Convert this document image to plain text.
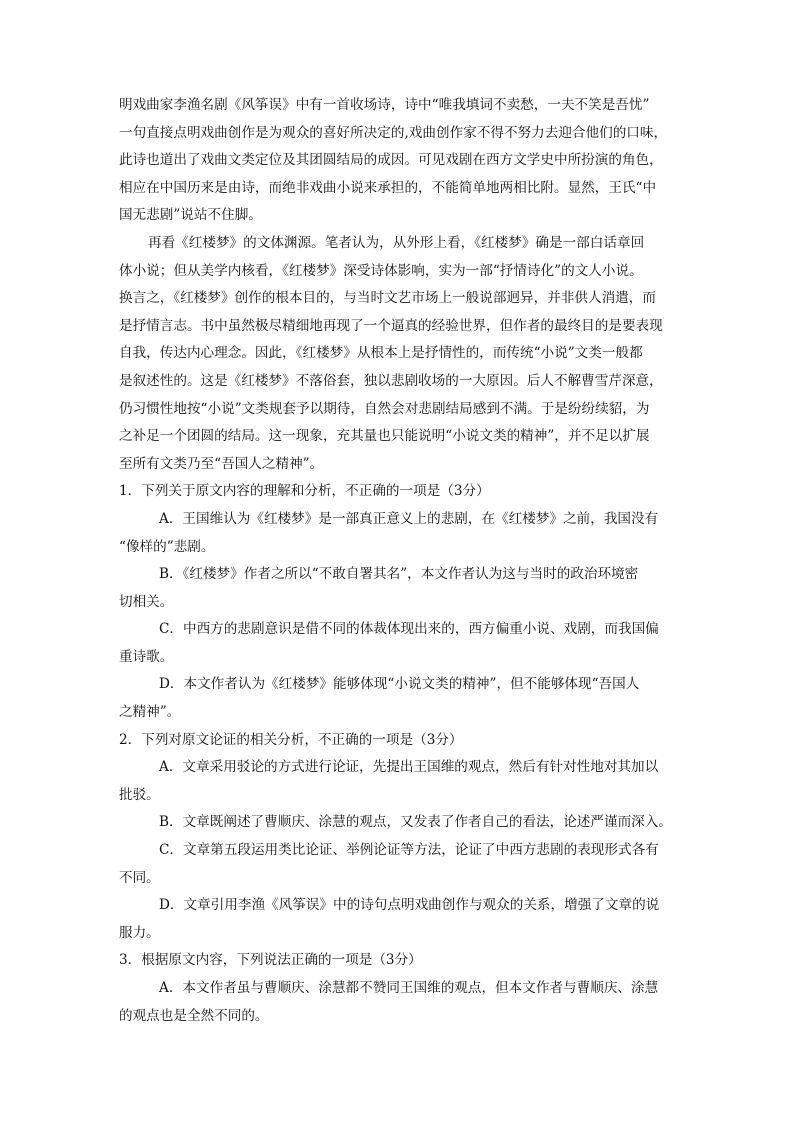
明戏曲家李渔名剧《风筝误》中有一首收场诗，诗中“唯我填词不卖愁，一夫不笑是吾忧”
一句直接点明戏曲创作是为观众的喜好所决定的,戏曲创作家不得不努力去迎合他们的口味，
此诗也道出了戏曲文类定位及其团圆结局的成因。可见戏剧在西方文学史中所扮演的角色，
相应在中国历来是由诗，而绝非戏曲小说来承担的，不能简单地两相比附。显然，王氏“中
国无悲剧”说站不住脚。
再看《红楼梦》的文体渊源。笔者认为，从外形上看，《红楼梦》确是一部白话章回
体小说；但从美学内核看，《红楼梦》深受诗体影响，实为一部“抒情诗化”的文人小说。
换言之，《红楼梦》创作的根本目的，与当时文艺市场上一般说部迥异，并非供人消遣，而
是抒情言志。书中虽然极尽精细地再现了一个逼真的经验世界，但作者的最终目的是要表现
自我，传达内心理念。因此，《红楼梦》从根本上是抒情性的，而传统“小说”文类一般都
是叙述性的。这是《红楼梦》不落俗套，独以悲剧收场的一大原因。后人不解曹雪芹深意，
仍习惯性地按“小说”文类规套予以期待，自然会对悲剧结局感到不满。于是纷纷续貂，为
之补足一个团圆的结局。这一现象，充其量也只能说明“小说文类的精神”，并不足以扩展
至所有文类乃至“吾国人之精神”。
1．下列关于原文内容的理解和分析，不正确的一项是（3分）
A．王国维认为《红楼梦》是一部真正意义上的悲剧，在《红楼梦》之前，我国没有
“像样的”悲剧。
B．《红楼梦》作者之所以“不敢自署其名”，本文作者认为这与当时的政治环境密
切相关。
C．中西方的悲剧意识是借不同的体裁体现出来的，西方偏重小说、戏剧，而我国偏
重诗歌。
D．本文作者认为《红楼梦》能够体现“小说文类的精神”，但不能够体现“吾国人
之精神”。
2．下列对原文论证的相关分析，不正确的一项是（3分）
A．文章采用驳论的方式进行论证，先提出王国维的观点，然后有针对性地对其加以
批驳。
B．文章既阐述了曹顺庆、涂慧的观点，又发表了作者自己的看法，论述严谨而深入。
C．文章第五段运用类比论证、举例论证等方法，论证了中西方悲剧的表现形式各有
不同。
D．文章引用李渔《风筝误》中的诗句点明戏曲创作与观众的关系，增强了文章的说
服力。
3．根据原文内容，下列说法正确的一项是（3分）
A．本文作者虽与曹顺庆、涂慧都不赞同王国维的观点，但本文作者与曹顺庆、涂慧
的观点也是全然不同的。
